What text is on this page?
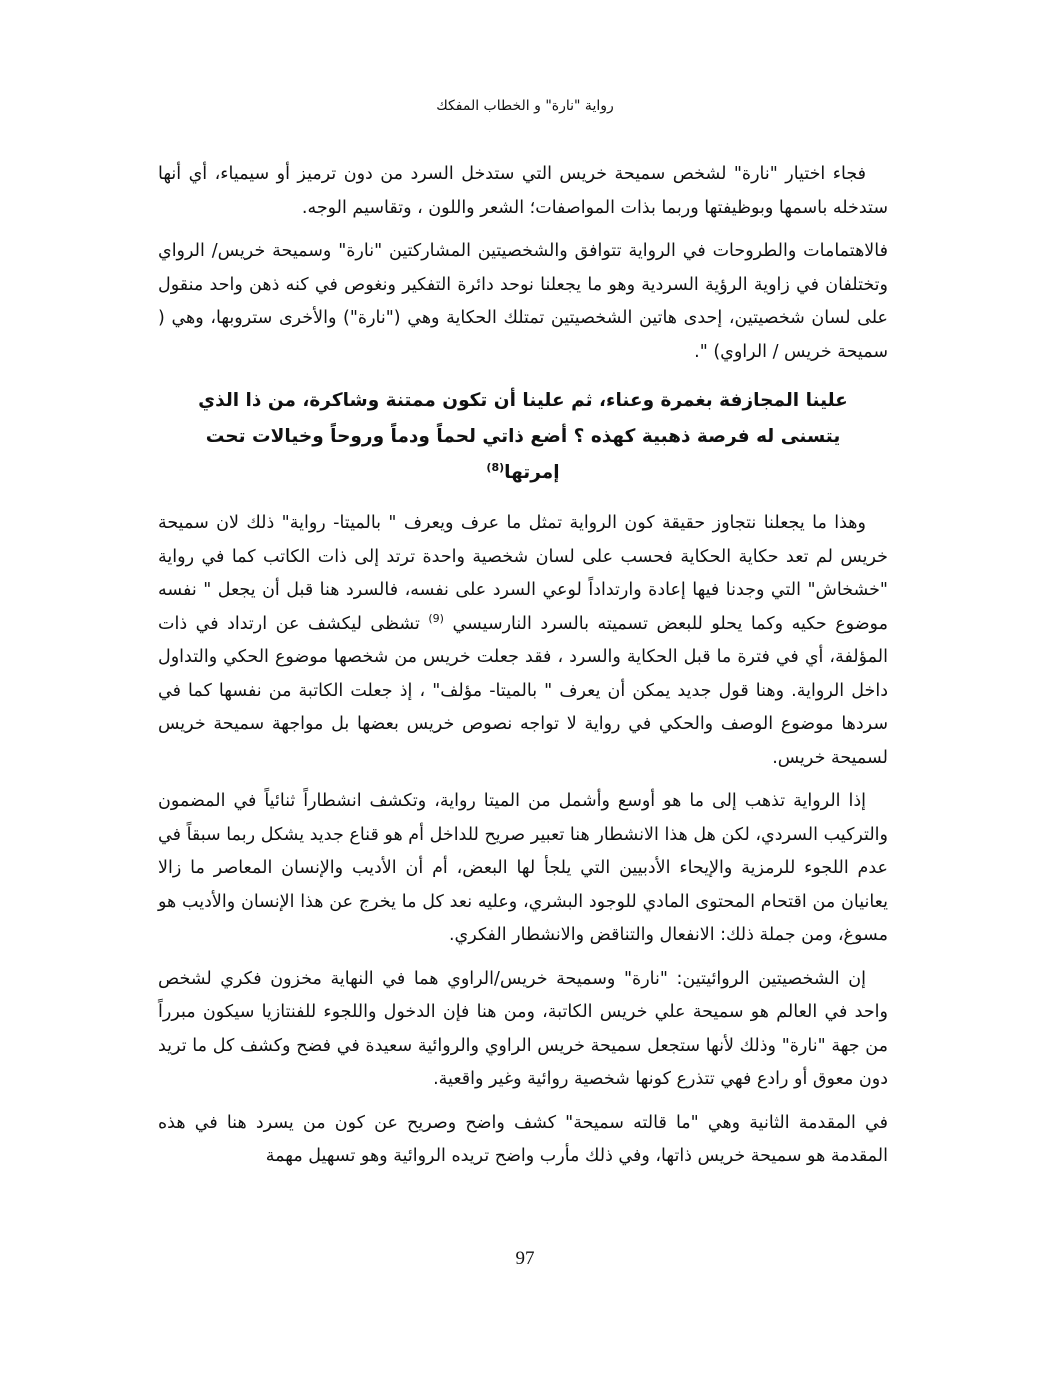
رواية "نارة" و الخطاب المفكك

فجاء اختيار "نارة" لشخص سميحة خريس التي ستدخل السرد من دون ترميز أو سيمياء، أي أنها ستدخله باسمها وبوظيفتها وربما بذات المواصفات؛ الشعر واللون ، وتقاسيم الوجه.

فالاهتمامات والطروحات في الرواية تتوافق والشخصيتين المشاركتين "نارة" وسميحة خريس/ الرواي وتختلفان في زاوية الرؤية السردية وهو ما يجعلنا نوحد دائرة التفكير ونغوص في كنه ذهن واحد منقول على لسان شخصيتين، إحدى هاتين الشخصيتين تمتلك الحكاية وهي ("نارة") والأخرى ستروبها، وهي ( سميحة خريس / الراوي) ".

علينا المجازفة بغمرة وعناء، ثم علينا أن تكون ممتنة وشاكرة، من ذا الذي يتسنى له فرصة ذهبية كهذه ؟ أضع ذاتي لحماً ودماً وروحاً وخيالات تحت إمرتها$^{(8)}$

وهذا ما يجعلنا نتجاوز حقيقة كون الرواية تمثل ما عرف ويعرف " بالميتا- رواية" ذلك لان سميحة خريس لم تعد حكاية الحكاية فحسب على لسان شخصية واحدة ترتد إلى ذات الكاتب كما في رواية "خشخاش" التي وجدنا فيها إعادة وارتداداً لوعي السرد على نفسه، فالسرد هنا قبل أن يجعل " نفسه موضوع حكيه وكما يحلو للبعض تسميته بالسرد النارسيسي $^{(9)}$ تشظى ليكشف عن ارتداد في ذات المؤلفة، أي في فترة ما قبل الحكاية والسرد ، فقد جعلت خريس من شخصها موضوع الحكي والتداول داخل الرواية. وهنا قول جديد يمكن أن يعرف " بالميتا- مؤلف" ، إذ جعلت الكاتبة من نفسها كما في سردها موضوع الوصف والحكي في رواية لا تواجه نصوص خريس بعضها بل مواجهة سميحة خريس لسميحة خريس.

إذا الرواية تذهب إلى ما هو أوسع وأشمل من الميتا رواية، وتكشف انشطاراً ثنائياً في المضمون والتركيب السردي، لكن هل هذا الانشطار هنا تعبير صريح للداخل أم هو قناع جديد يشكل ربما سبقاً في عدم اللجوء للرمزية والإيحاء الأدبيين التي يلجأ لها البعض، أم أن الأديب والإنسان المعاصر ما زالا يعانيان من اقتحام المحتوى المادي للوجود البشري، وعليه نعد كل ما يخرج عن هذا الإنسان والأديب هو مسوغ، ومن جملة ذلك: الانفعال والتناقض والانشطار الفكري.

إن الشخصيتين الروائيتين: "نارة" وسميحة خريس/الراوي هما في النهاية مخزون فكري لشخص واحد في العالم هو سميحة علي خريس الكاتبة، ومن هنا فإن الدخول واللجوء للفنتازيا سيكون مبرراً من جهة "نارة" وذلك لأنها ستجعل سميحة خريس الراوي والروائية سعيدة في فضح وكشف كل ما تريد دون معوق أو رادع فهي تتذرع كونها شخصية روائية وغير واقعية.

في المقدمة الثانية وهي "ما قالته سميحة" كشف واضح وصريح عن كون من يسرد هنا في هذه المقدمة هو سميحة خريس ذاتها، وفي ذلك مأرب واضح تريده الروائية وهو تسهيل مهمة

97
